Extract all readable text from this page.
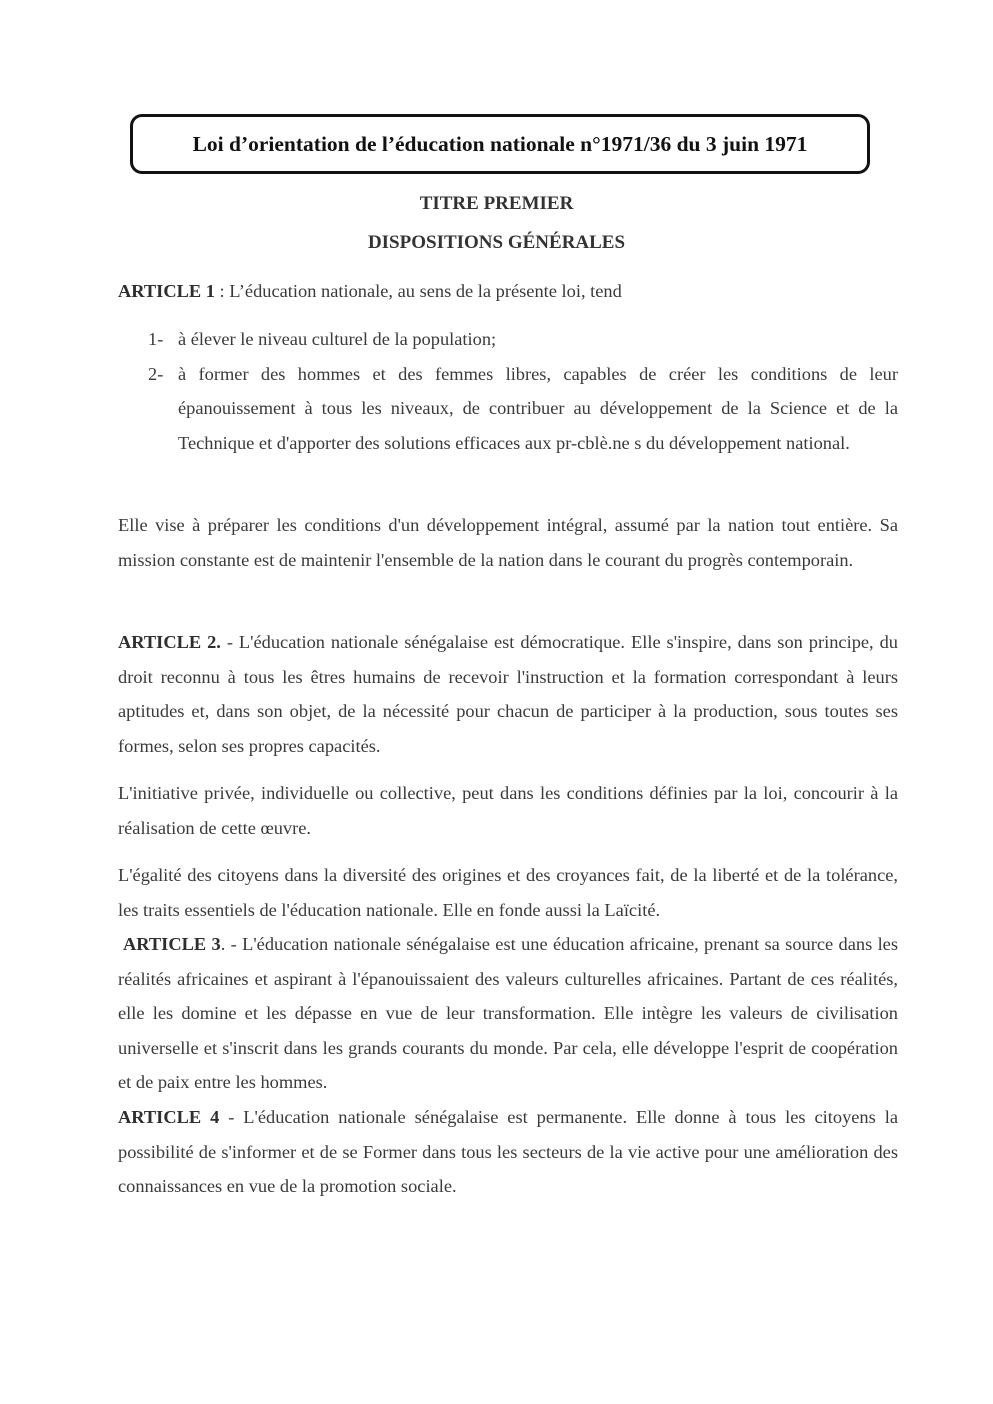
Loi d’orientation de l’éducation nationale n°1971/36 du 3 juin 1971
TITRE PREMIER
DISPOSITIONS GÉNÉRALES
ARTICLE 1 : L’éducation nationale, au sens de la présente loi, tend
1- à élever le niveau culturel de la population;
2- à former des hommes et des femmes libres, capables de créer les conditions de leur épanouissement à tous les niveaux, de contribuer au développement de la Science et de la Technique et d'apporter des solutions efficaces aux pr-cblè.ne s du développement national.
Elle vise à préparer les conditions d'un développement intégral, assumé par la nation tout entière. Sa mission constante est de maintenir l'ensemble de la nation dans le courant du progrès contemporain.
ARTICLE 2. - L'éducation nationale sénégalaise est démocratique. Elle s'inspire, dans son principe, du droit reconnu à tous les êtres humains de recevoir l'instruction et la formation correspondant à leurs aptitudes et, dans son objet, de la nécessité pour chacun de participer à la production, sous toutes ses formes, selon ses propres capacités.
L'initiative privée, individuelle ou collective, peut dans les conditions définies par la loi, concourir à la réalisation de cette œuvre.
L'égalité des citoyens dans la diversité des origines et des croyances fait, de la liberté et de la tolérance, les traits essentiels de l'éducation nationale. Elle en fonde aussi la Laïcité.
ARTICLE 3. - L'éducation nationale sénégalaise est une éducation africaine, prenant sa source dans les réalités africaines et aspirant à l'épanouissaient des valeurs culturelles africaines. Partant de ces réalités, elle les domine et les dépasse en vue de leur transformation. Elle intègre les valeurs de civilisation universelle et s'inscrit dans les grands courants du monde. Par cela, elle développe l'esprit de coopération et de paix entre les hommes.
ARTICLE 4 - L'éducation nationale sénégalaise est permanente. Elle donne à tous les citoyens la possibilité de s'informer et de se Former dans tous les secteurs de la vie active pour une amélioration des connaissances en vue de la promotion sociale.
